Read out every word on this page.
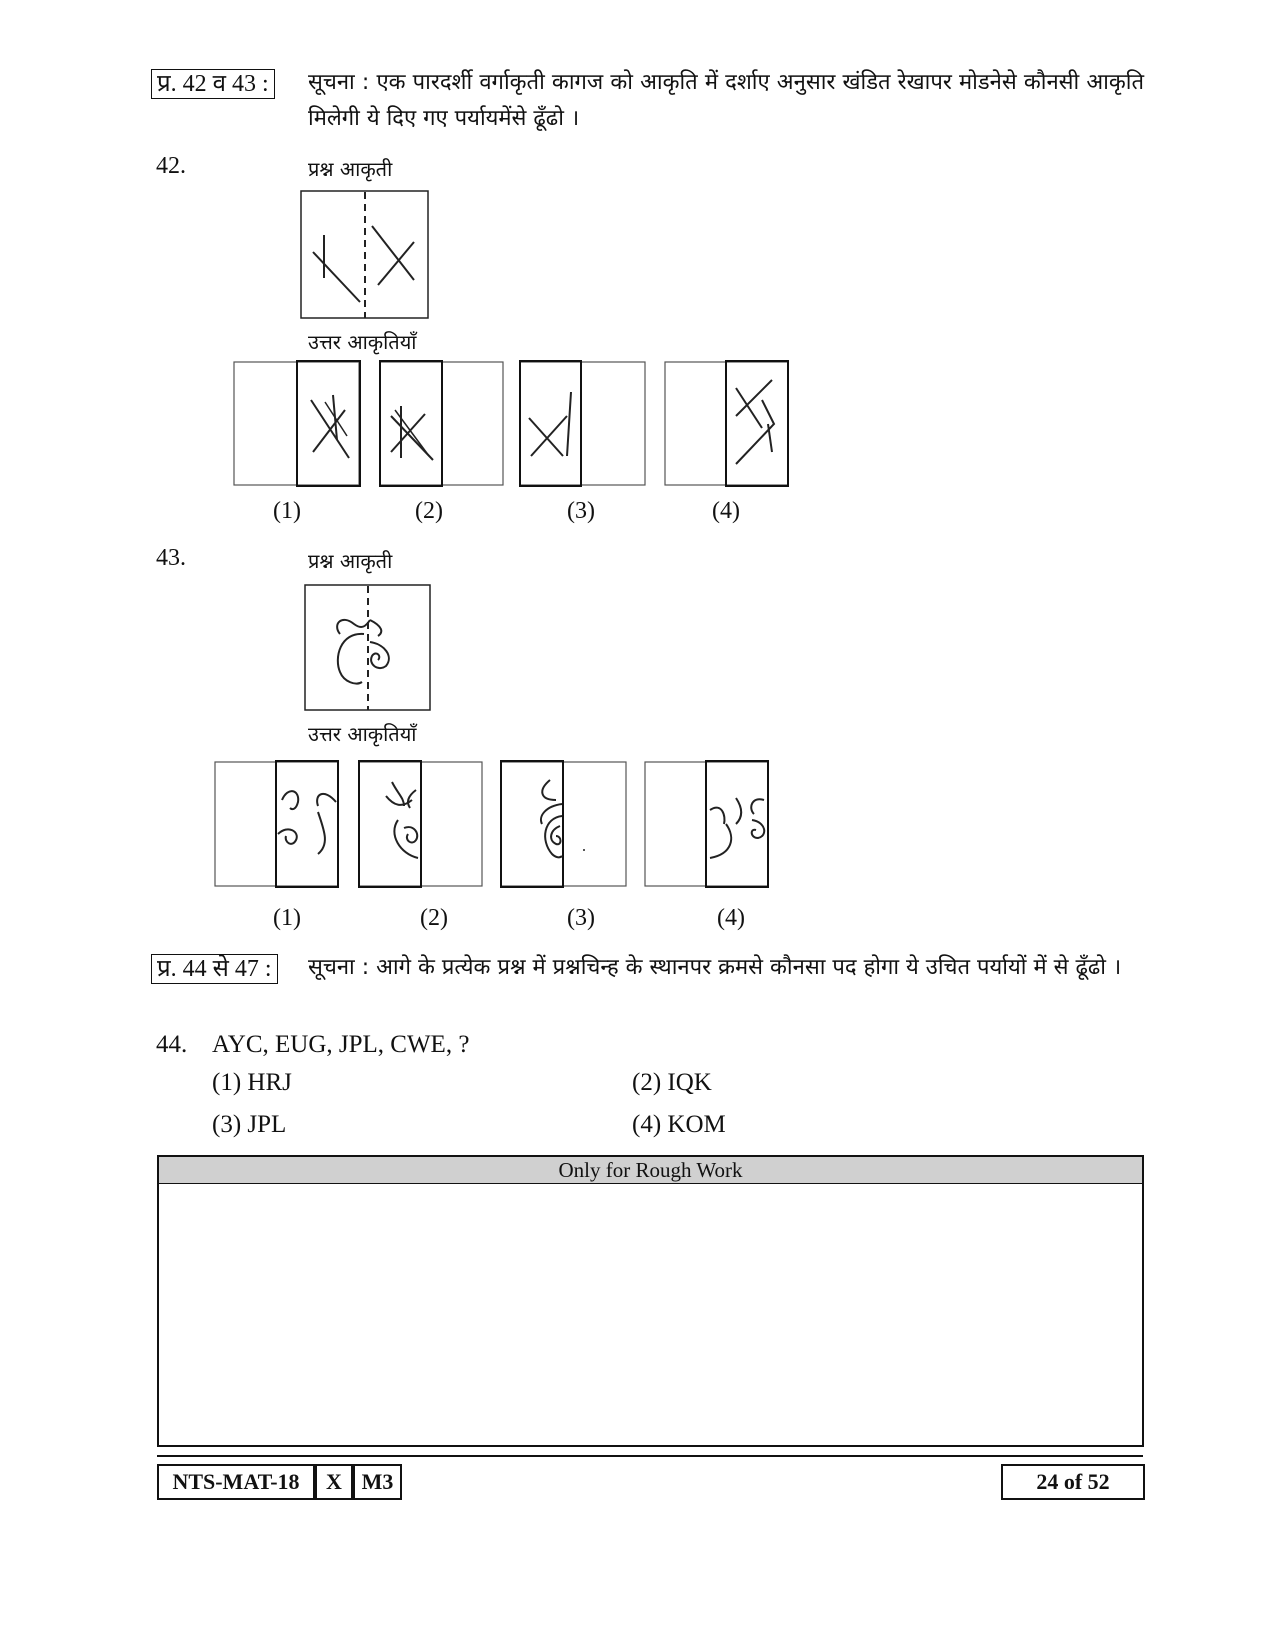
प्र. 42 व 43 : सूचना : एक पारदर्शी वर्गाकृती कागज को आकृति में दर्शाए अनुसार खंडित रेखापर मोडनेसे कौनसी आकृति मिलेगी ये दिए गए पर्यायमेंसे ढूँढो ।
42.	प्रश्न आकृती
उत्तर आकृतियाँ
(1)	(2)	(3)	(4)
43.	प्रश्न आकृती
उत्तर आकृतियाँ
(1)	(2)	(3)	(4)
प्र. 44 से 47 : सूचना : आगे के प्रत्येक प्रश्न में प्रश्नचिन्ह के स्थानपर क्रमसे कौनसा पद होगा ये उचित पर्यायों में से ढूँढो ।
44. AYC, EUG, JPL, CWE, ?
(1) HRJ	(2) IQK
(3) JPL	(4) KOM
Only for Rough Work
NTS-MAT-18	X M3	24 of 52
